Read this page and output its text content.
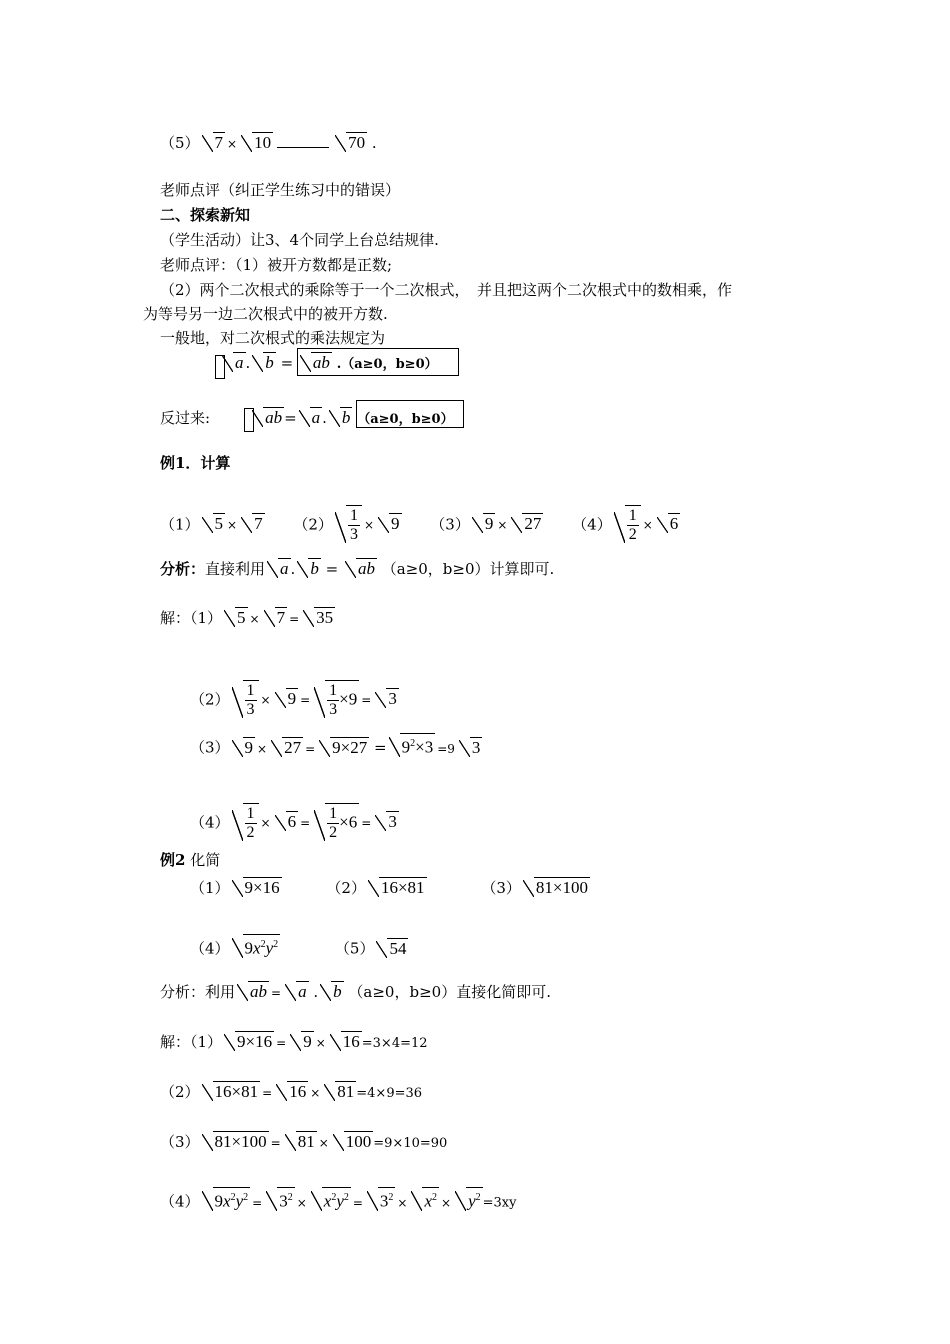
（5） 7 × 10	70 .
老师点评（纠正学生练习中的错误）
二、探索新知
（学生活动）让3、4个同学上台总结规律.
老师点评：（1）被开方数都是正数;
（2）两个二次根式的乘除等于一个二次根式，　并且把这两个二次根式中的数相乘，作
为等号另一边二次根式中的被开方数.
一般地，对二次根式的乘法规定为
a . b = ab .（a≥0，b≥0）
反过来:	ab = a . b （a≥0，b≥0）
例1．计算
（1） 5 × 7 $(2) \frac{1}{3} \times 9$ （3） 9 × 27 $(4) \frac{1}{2} \times 6$
分析：直接利用 a . b = ab （a≥0，b≥0）计算即可.
解：（1） 5 × 7 = 35
$(2) \frac{1}{3} \times 9 = \frac{1}{3} \times 9 = 3$
（3） $9 \times 27 = 9\times 27 = 9^2\times 3 =9$ 3
$(4) \frac{1}{2} \times 6 = \frac{1}{2} \times 6 = 3$
例2 化简
（1） 9×16	（2） 16×81	（3） 81×100
（4） $9x^2y^2$	（5） 54
分析：利用 ab = a . b （a≥0，b≥0）直接化简即可.
解：（1） 9×16 = 9 × 16 =3×4=12
（2） 16×81 = 16 × 81 =4×9=36
（3） 81×100 = 81 × 100 =9×10=90
（4） $9x^2y^2 = 3^2 \times x^2y^2 = 3^2 \times x^2 \times y^2 =3xy$
